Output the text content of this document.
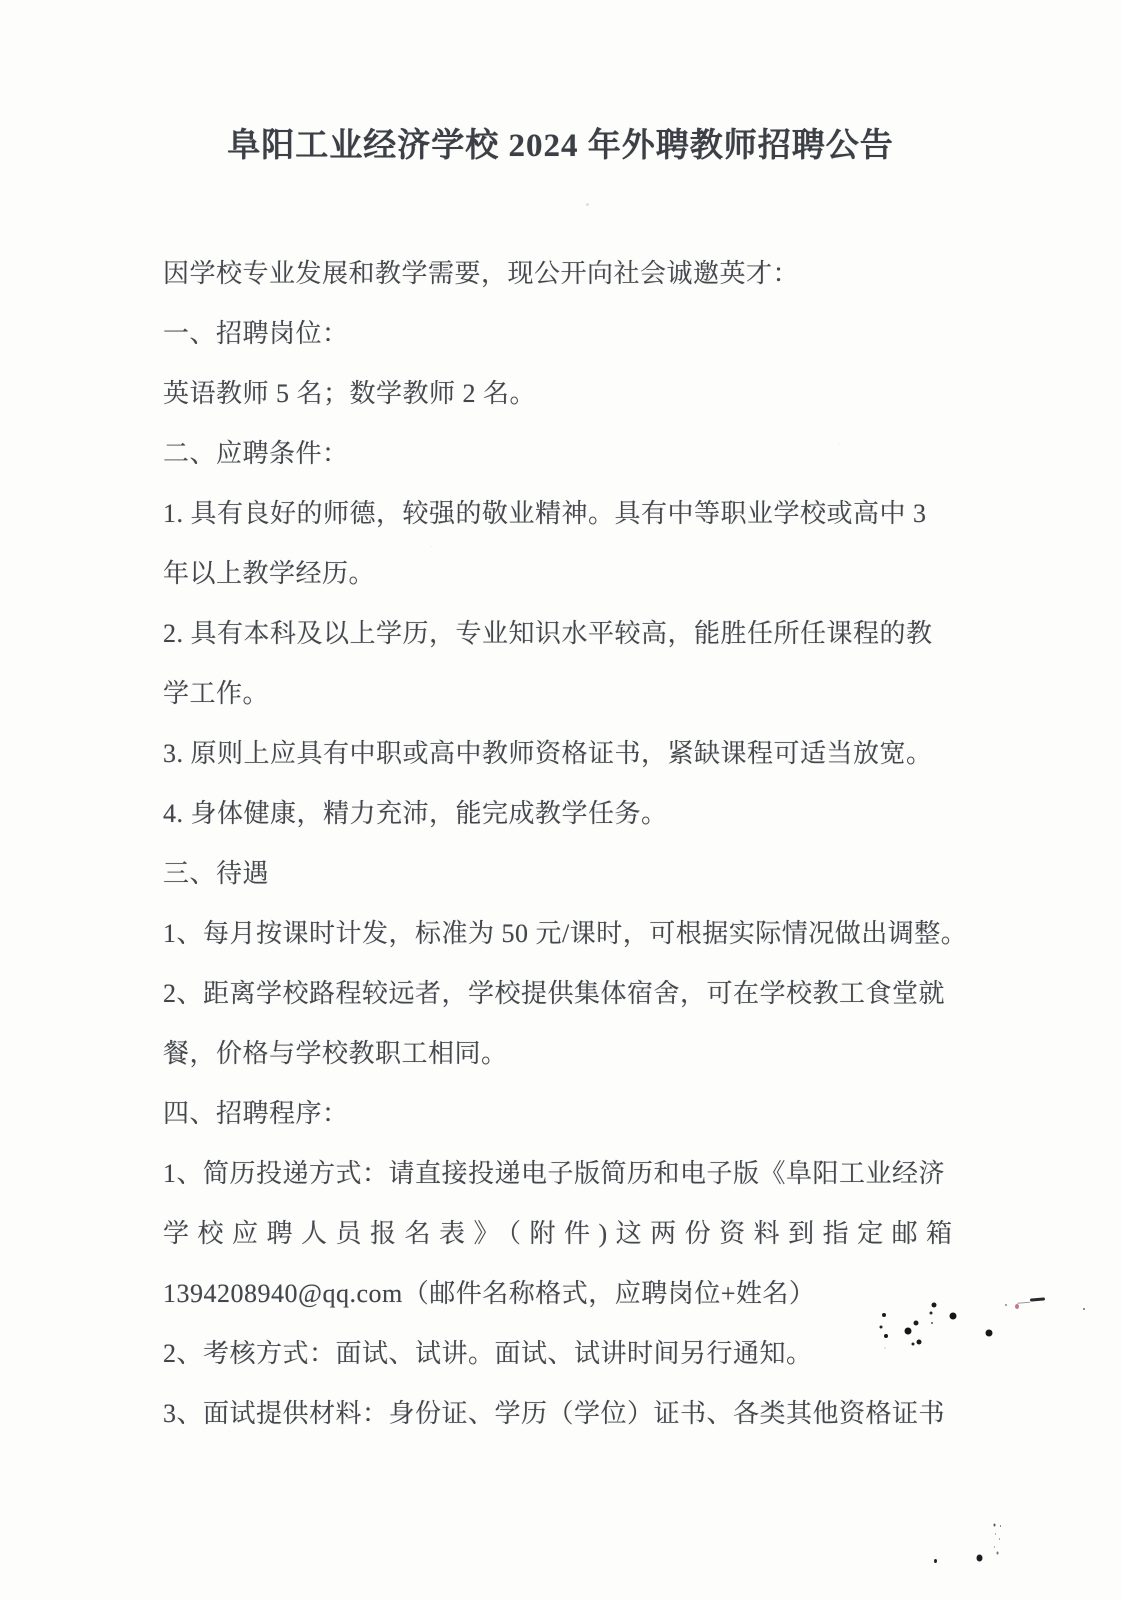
阜阳工业经济学校 2024 年外聘教师招聘公告
因学校专业发展和教学需要，现公开向社会诚邀英才：
一、招聘岗位：
英语教师 5 名；数学教师 2 名。
二、应聘条件：
1. 具有良好的师德，较强的敬业精神。具有中等职业学校或高中 3
年以上教学经历。
2. 具有本科及以上学历，专业知识水平较高，能胜任所任课程的教
学工作。
3. 原则上应具有中职或高中教师资格证书，紧缺课程可适当放宽。
4. 身体健康，精力充沛，能完成教学任务。
三、待遇
1、每月按课时计发，标准为 50 元/课时，可根据实际情况做出调整。
2、距离学校路程较远者，学校提供集体宿舍，可在学校教工食堂就
餐，价格与学校教职工相同。
四、招聘程序：
1、简历投递方式：请直接投递电子版简历和电子版《阜阳工业经济
学校应聘人员报名表》（附件)这两份资料到指定邮箱
1394208940@qq.com（邮件名称格式，应聘岗位+姓名）
2、考核方式：面试、试讲。面试、试讲时间另行通知。
3、面试提供材料：身份证、学历（学位）证书、各类其他资格证书
